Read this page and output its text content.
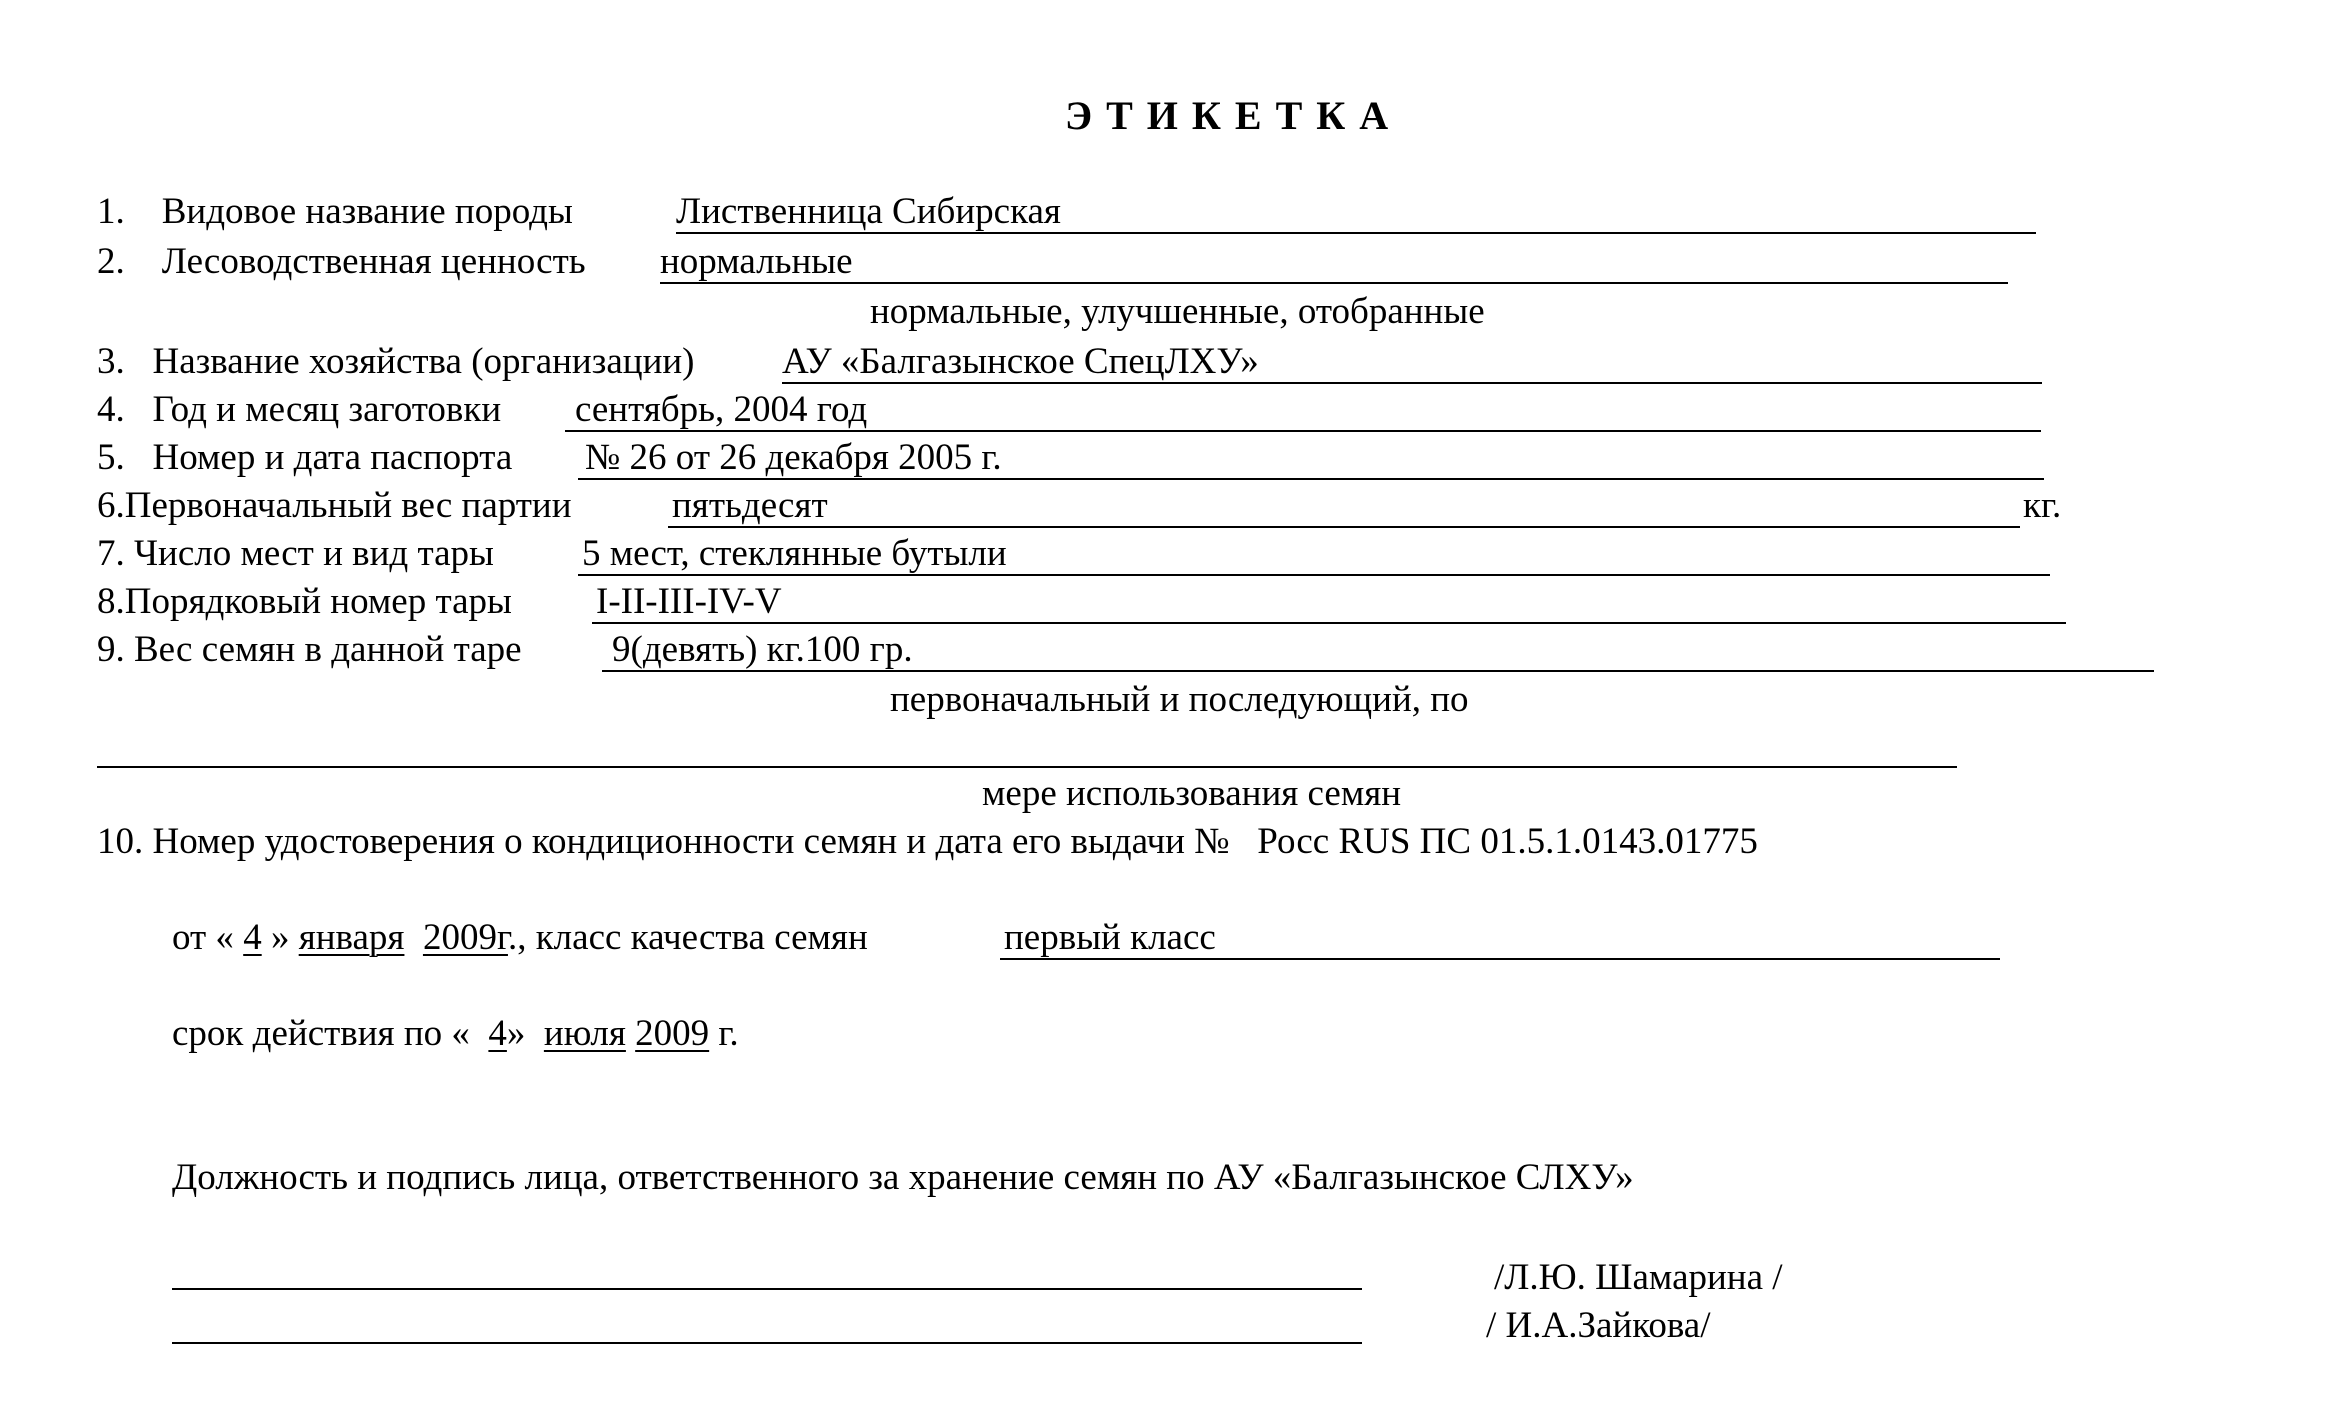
ЭТИКЕТКА
1.    Видовое название породы	Лиственница Сибирская
2.    Лесоводственная ценность нормальные
нормальные, улучшенные, отобранные
3.   Название хозяйства (организации) АУ «Балгазынское СпецЛХУ»
4.   Год и месяц заготовки сентябрь, 2004 год
5.   Номер и дата паспорта № 26 от 26 декабря 2005 г.
6.Первоначальный вес партии	пятьдесят	кг.
7. Число мест и вид тары 5 мест, стеклянные бутыли
8.Порядковый номер тары I-II-III-IV-V
9. Вес семян в данной таре 9(девять) кг.100 гр.
первоначальный и последующий, по
мере использования семян
10. Номер удостоверения о кондиционности семян и дата его выдачи № Росс RUS ПС 01.5.1.0143.01775
от « 4 » января 2009г., класс качества семян	первый класс
срок действия по « 4» июля 2009 г.
Должность и подпись лица, ответственного за хранение семян по АУ «Балгазынское СЛХУ»
/Л.Ю. Шамарина /
/ И.А.Зайкова/
